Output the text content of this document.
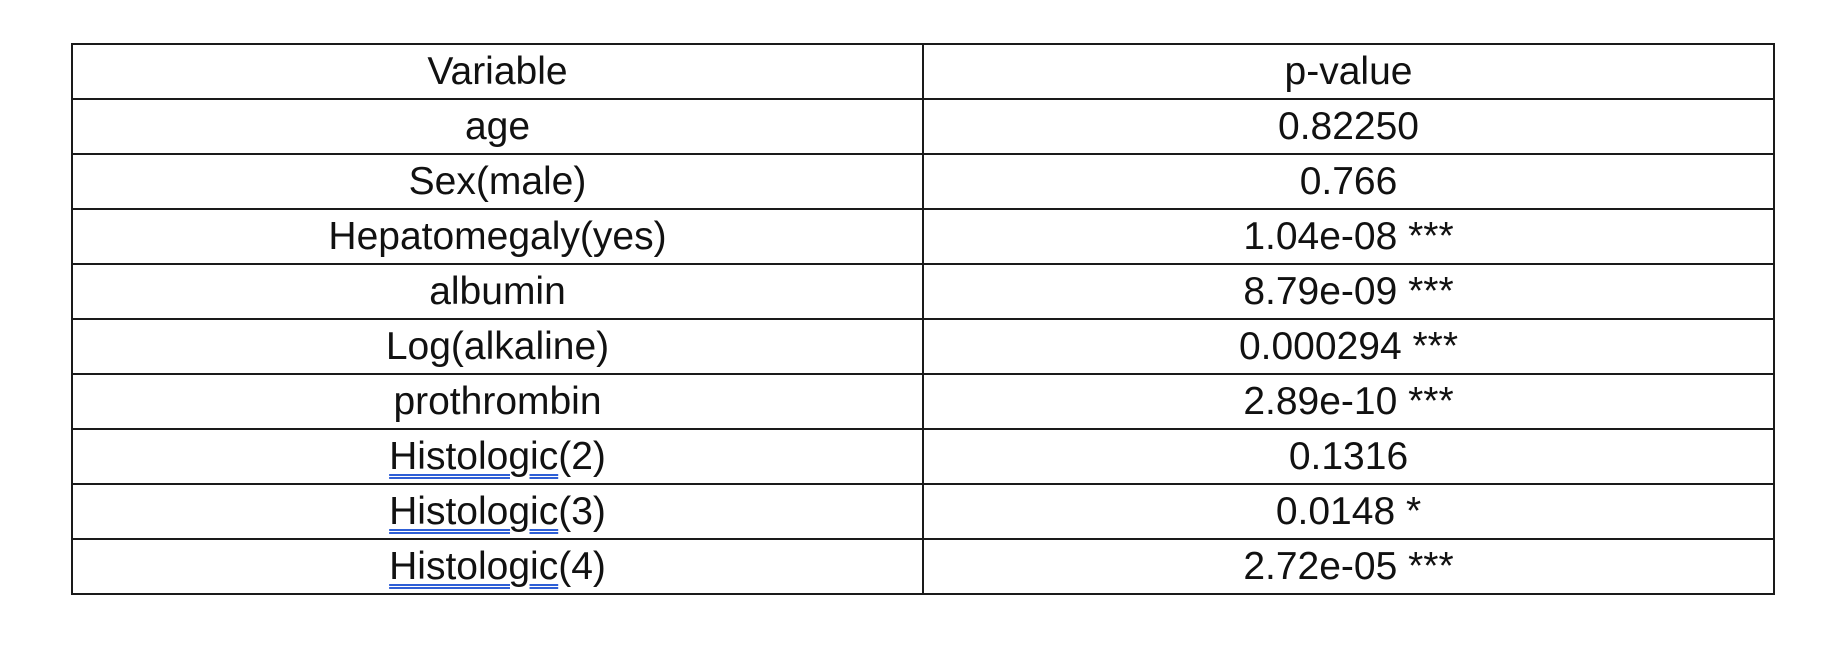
Variable	p-value
age	0.82250
Sex(male)	0.766
Hepatomegaly(yes)	1.04e-08 ***
albumin	8.79e-09 ***
Log(alkaline)	0.000294 ***
prothrombin	2.89e-10 ***
Histologic(2)	0.1316
Histologic(3)	0.0148 *
Histologic(4)	2.72e-05 ***
